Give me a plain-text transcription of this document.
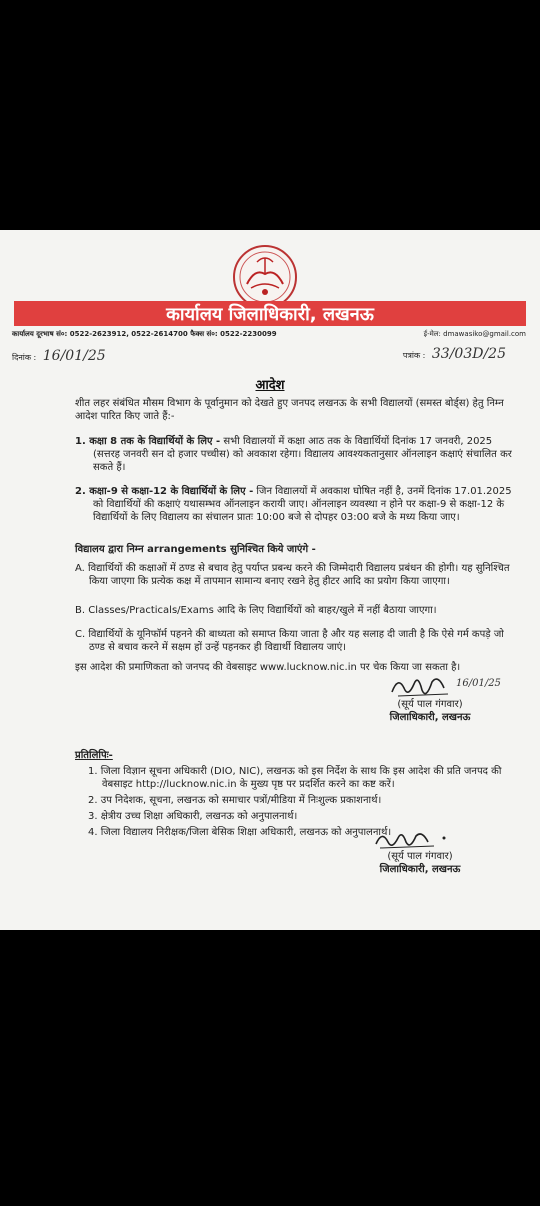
कार्यालय जिलाधिकारी, लखनऊ
कार्यालय दूरभाष सं०: 0522-2623912, 0522-2614700 फैक्स सं०: 0522-2230099	ई-मेल: dmawasiko@gmail.com
दिनांक : 16/01/25	पत्रांक : 33/03D/25
आदेश
शीत लहर संबंधित मौसम विभाग के पूर्वानुमान को देखते हुए जनपद लखनऊ के सभी विद्यालयों (समस्त बोर्ड्स) हेतु निम्न आदेश पारित किए जाते हैं:-
1. कक्षा 8 तक के विद्यार्थियों के लिए - सभी विद्यालयों में कक्षा आठ तक के विद्यार्थियों दिनांक 17 जनवरी, 2025 (सत्तरह जनवरी सन दो हजार पच्चीस) को अवकाश रहेगा। विद्यालय आवश्यकतानुसार ऑनलाइन कक्षाएं संचालित कर सकते हैं।
2. कक्षा-9 से कक्षा-12 के विद्यार्थियों के लिए - जिन विद्यालयों में अवकाश घोषित नहीं है, उनमें दिनांक 17.01.2025 को विद्यार्थियों की कक्षाएं यथासम्भव ऑनलाइन करायी जाए। ऑनलाइन व्यवस्था न होने पर कक्षा-9 से कक्षा-12 के विद्यार्थियों के लिए विद्यालय का संचालन प्रातः 10:00 बजे से दोपहर 03:00 बजे के मध्य किया जाए।
विद्यालय द्वारा निम्न arrangements सुनिश्चित किये जाएंगे -
A. विद्यार्थियों की कक्षाओं में ठण्ड से बचाव हेतु पर्याप्त प्रबन्ध करने की जिम्मेदारी विद्यालय प्रबंधन की होगी। यह सुनिश्चित किया जाएगा कि प्रत्येक कक्ष में तापमान सामान्य बनाए रखने हेतु हीटर आदि का प्रयोग किया जाएगा।
B. Classes/Practicals/Exams आदि के लिए विद्यार्थियों को बाहर/खुले में नहीं बैठाया जाएगा।
C. विद्यार्थियों के यूनिफॉर्म पहनने की बाध्यता को समाप्त किया जाता है और यह सलाह दी जाती है कि ऐसे गर्म कपड़े जो ठण्ड से बचाव करने में सक्षम हों उन्हें पहनकर ही विद्यार्थी विद्यालय जाएं।
इस आदेश की प्रमाणिकता को जनपद की वेबसाइट www.lucknow.nic.in पर चेक किया जा सकता है।
16/01/25
(सूर्य पाल गंगवार)
जिलाधिकारी, लखनऊ
प्रतिलिपिः-
1. जिला विज्ञान सूचना अधिकारी (DIO, NIC), लखनऊ को इस निर्देश के साथ कि इस आदेश की प्रति जनपद की वेबसाइट http://lucknow.nic.in के मुख्य पृष्ठ पर प्रदर्शित करने का कष्ट करें।
2. उप निदेशक, सूचना, लखनऊ को समाचार पत्रों/मीडिया में निःशुल्क प्रकाशनार्थ।
3. क्षेत्रीय उच्च शिक्षा अधिकारी, लखनऊ को अनुपालनार्थ।
4. जिला विद्यालय निरीक्षक/जिला बेसिक शिक्षा अधिकारी, लखनऊ को अनुपालनार्थ।
(सूर्य पाल गंगवार)
जिलाधिकारी, लखनऊ
